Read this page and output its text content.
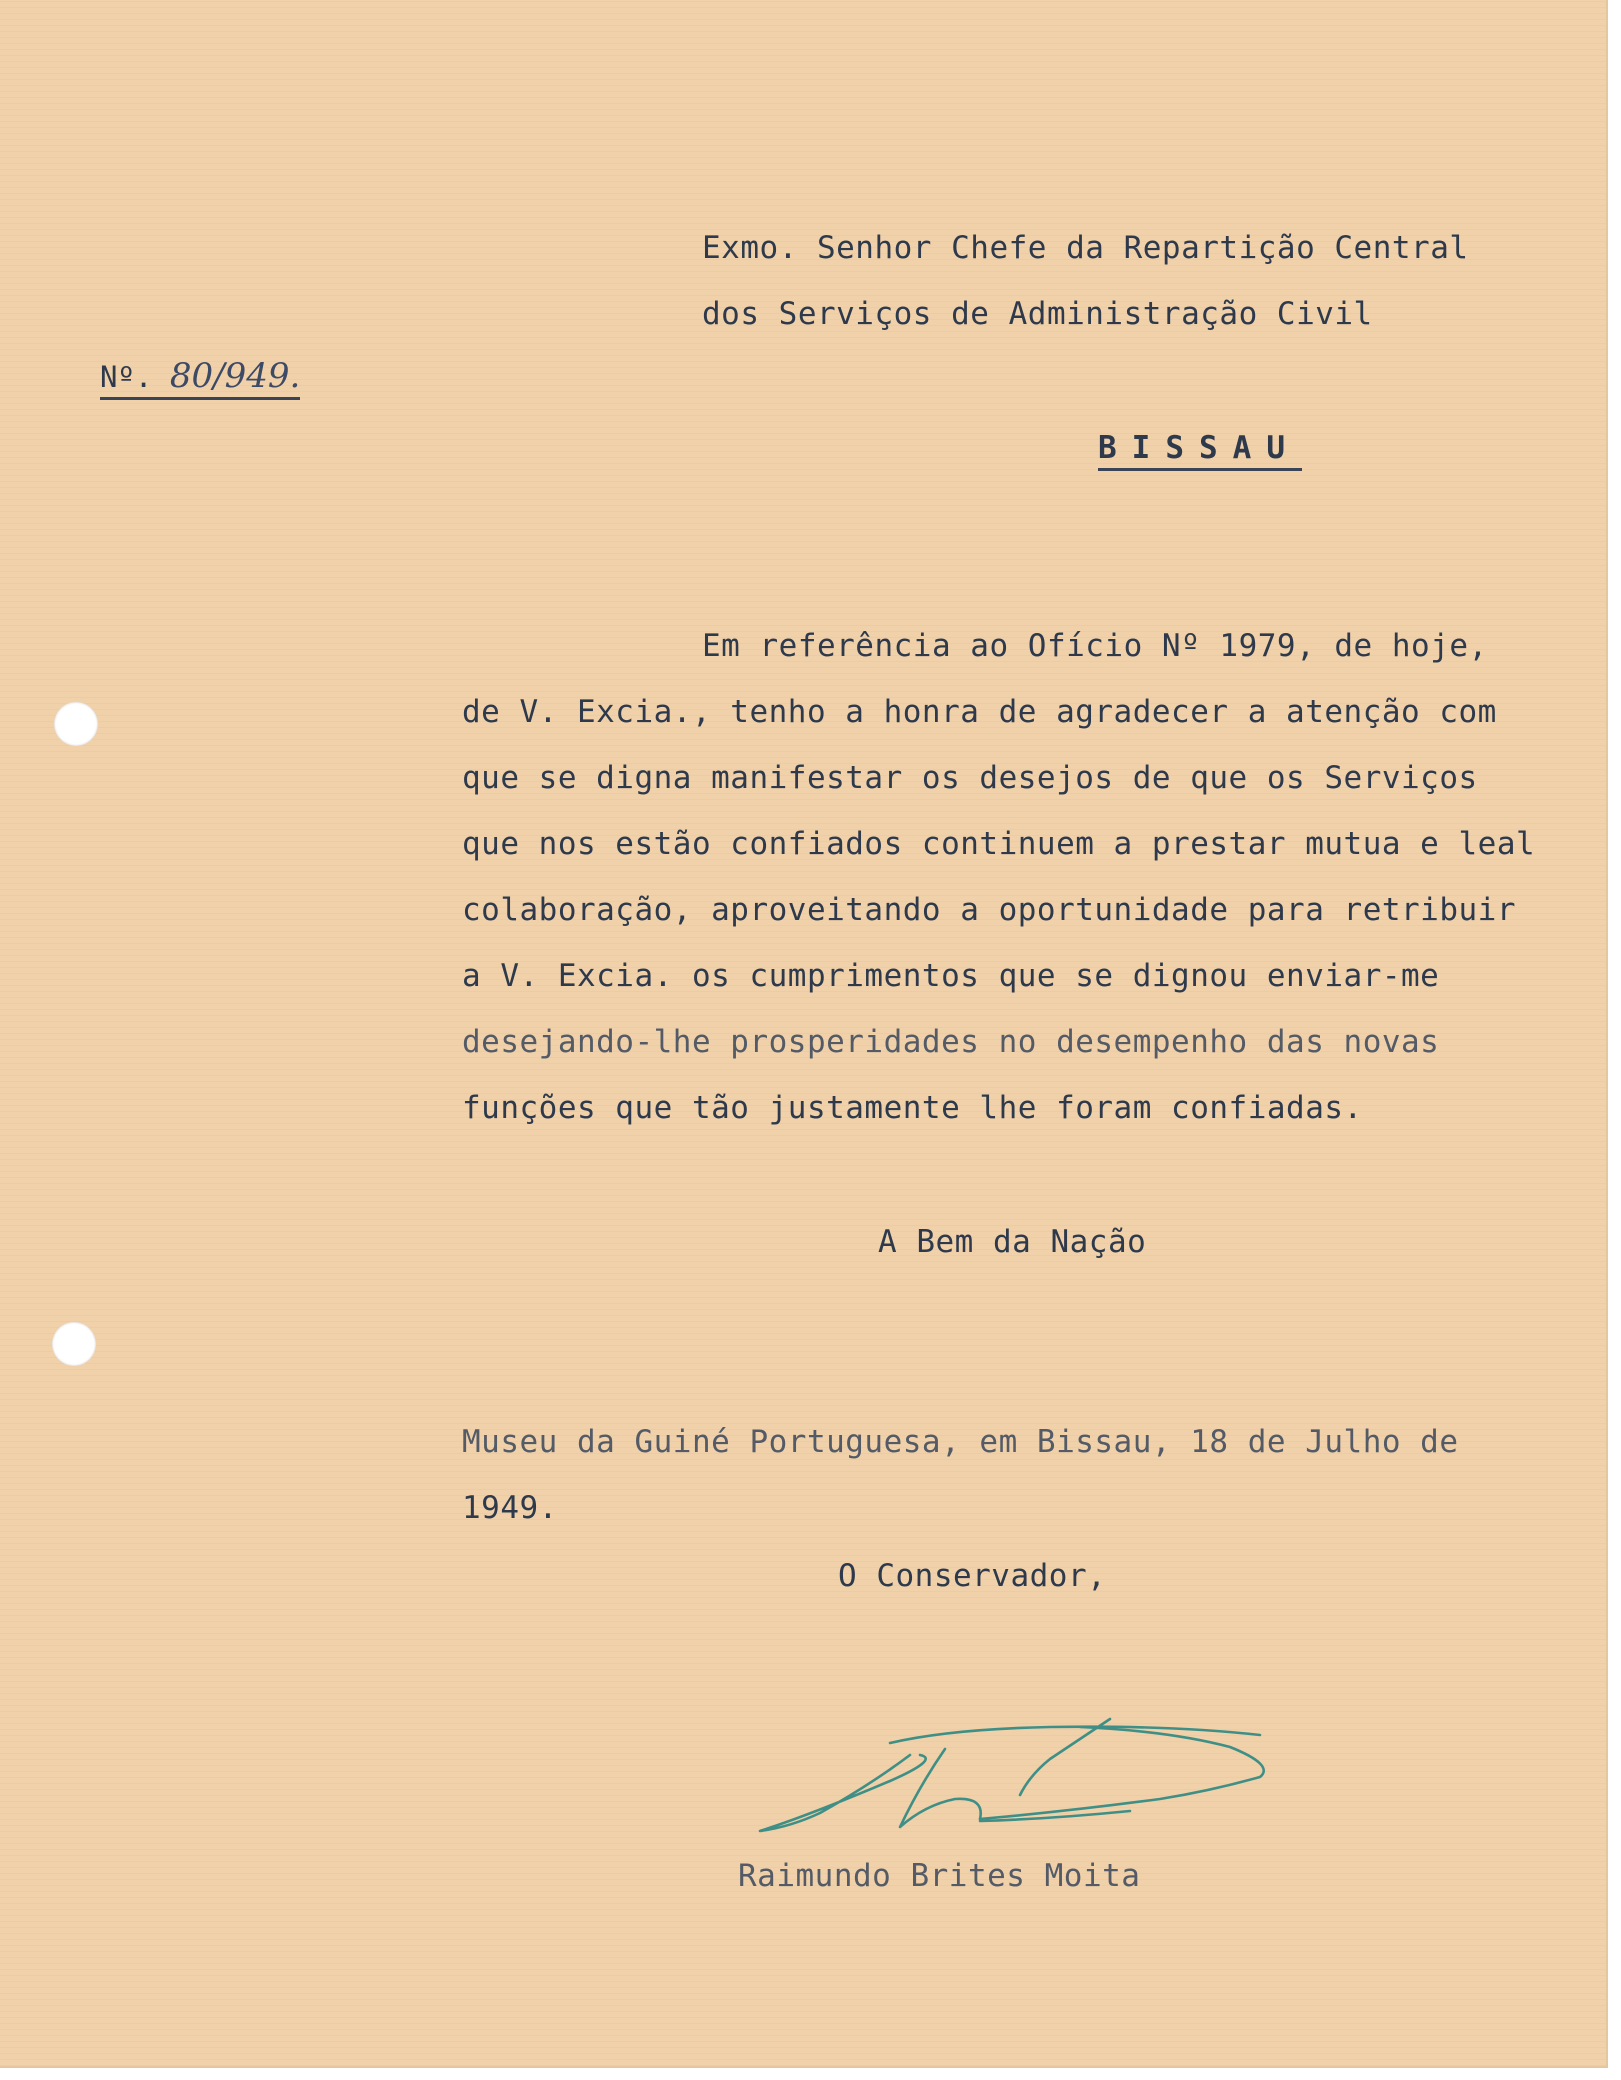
Exmo. Senhor Chefe da Repartição Central
dos Serviços de Administração Civil
Nº. 80/949.
BISSAU
Em referência ao Ofício Nº 1979, de hoje,
de V. Excia., tenho a honra de agradecer a atenção com
que se digna manifestar os desejos de que os Serviços
que nos estão confiados continuem a prestar mutua e leal
colaboração, aproveitando a oportunidade para retribuir
a V. Excia. os cumprimentos que se dignou enviar-me
desejando-lhe prosperidades no desempenho das novas
funções que tão justamente lhe foram confiadas.
A Bem da Nação
Museu da Guiné Portuguesa, em Bissau, 18 de Julho de
1949.
O Conservador,
Raimundo Brites Moita
